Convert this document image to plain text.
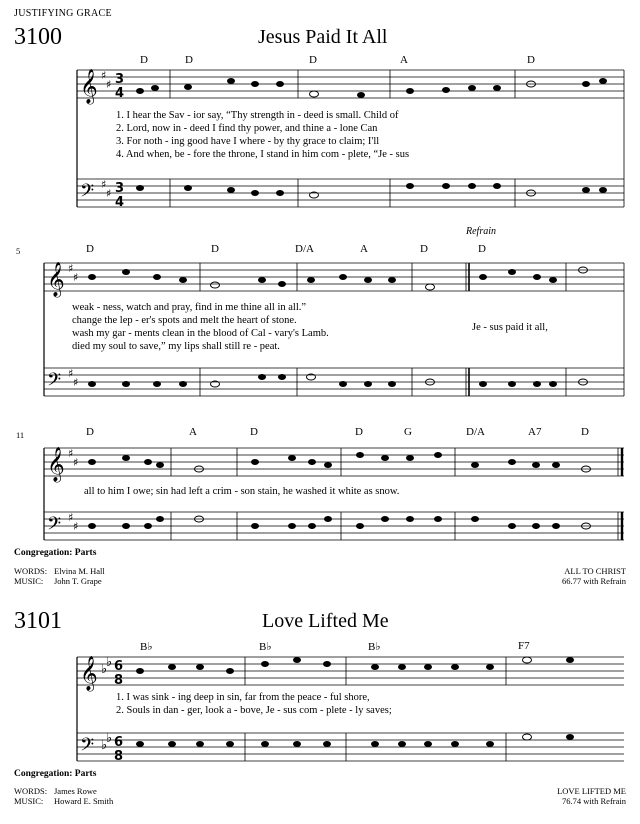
JUSTIFYING GRACE
3100	Jesus Paid It All
𝄞
𝄢
♯
♯
♯
♯
3
4
3
4
𝄞
𝄢
♯
♯
♯
♯
𝄞
𝄢
♯
♯
♯
♯
𝄞
𝄢
♭
♭
♭
♭
6
8
6
8
D	D	D	A	D
1. I hear the Sav - ior say, “Thy strength in - deed is small. Child of
2. Lord, now in - deed I find thy power, and thine a - lone Can
3. For noth - ing good have I where - by thy grace to claim; I'll
4. And when, be - fore the throne, I stand in him com - plete, “Je - sus
5
Refrain
D	D	D/A	A	D	D
weak - ness, watch and pray, find in me thine all in all.”
change the lep - er's spots and melt the heart of stone.
wash my gar - ments clean in the blood of Cal - vary's Lamb.
died my soul to save,” my lips shall still re - peat.
Je - sus paid it all,
11	D	A	D	D	G	D/A	A7	D
all to him I owe; sin had left a crim - son stain, he washed it white as snow.
Congregation: Parts
WORDS: Elvina M. Hall
MUSIC: John T. Grape
ALL TO CHRIST
66.77 with Refrain
3101	Love Lifted Me
B♭	B♭	B♭	F7
1. I was sink - ing deep in sin, far from the peace - ful shore,
2. Souls in dan - ger, look a - bove, Je - sus com - plete - ly saves;
Congregation: Parts
WORDS: James Rowe
MUSIC: Howard E. Smith
LOVE LIFTED ME
76.74 with Refrain
